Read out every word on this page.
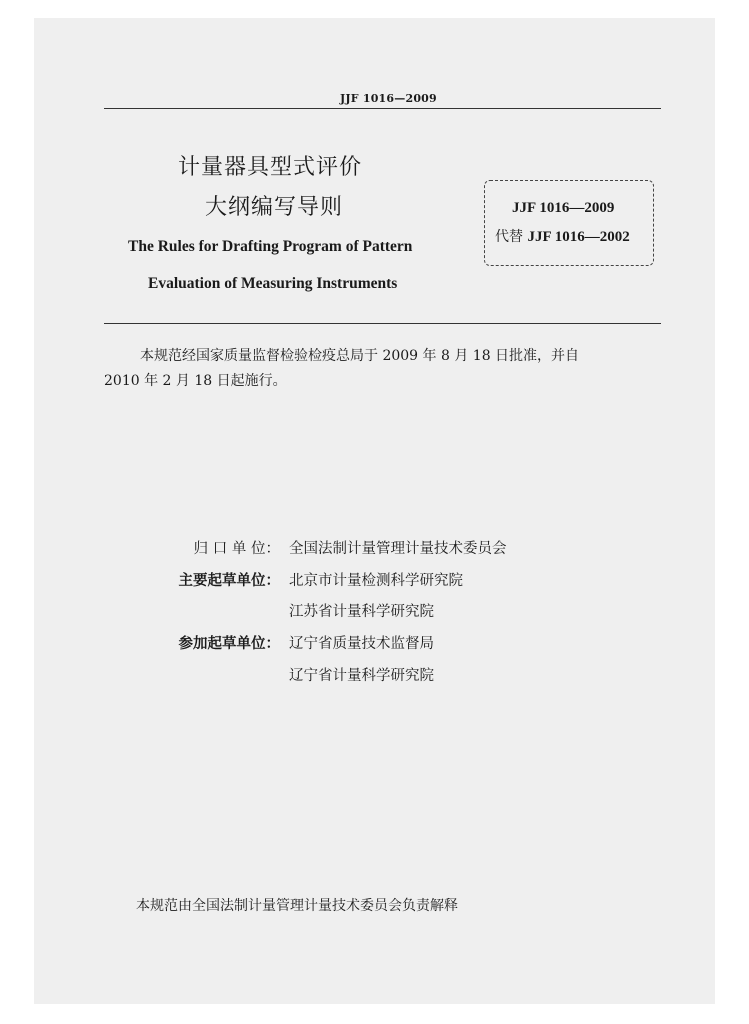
JJF 1016—2009
计量器具型式评价
大纲编写导则
The Rules for Drafting Program of Pattern
Evaluation of Measuring Instruments
JJF 1016—2009
代替 JJF 1016—2002
本规范经国家质量监督检验检疫总局于 2009 年 8 月 18 日批准，并自
2010 年 2 月 18 日起施行。
归 口 单 位： 全国法制计量管理计量技术委员会
主要起草单位： 北京市计量检测科学研究院
江苏省计量科学研究院
参加起草单位： 辽宁省质量技术监督局
辽宁省计量科学研究院
本规范由全国法制计量管理计量技术委员会负责解释
